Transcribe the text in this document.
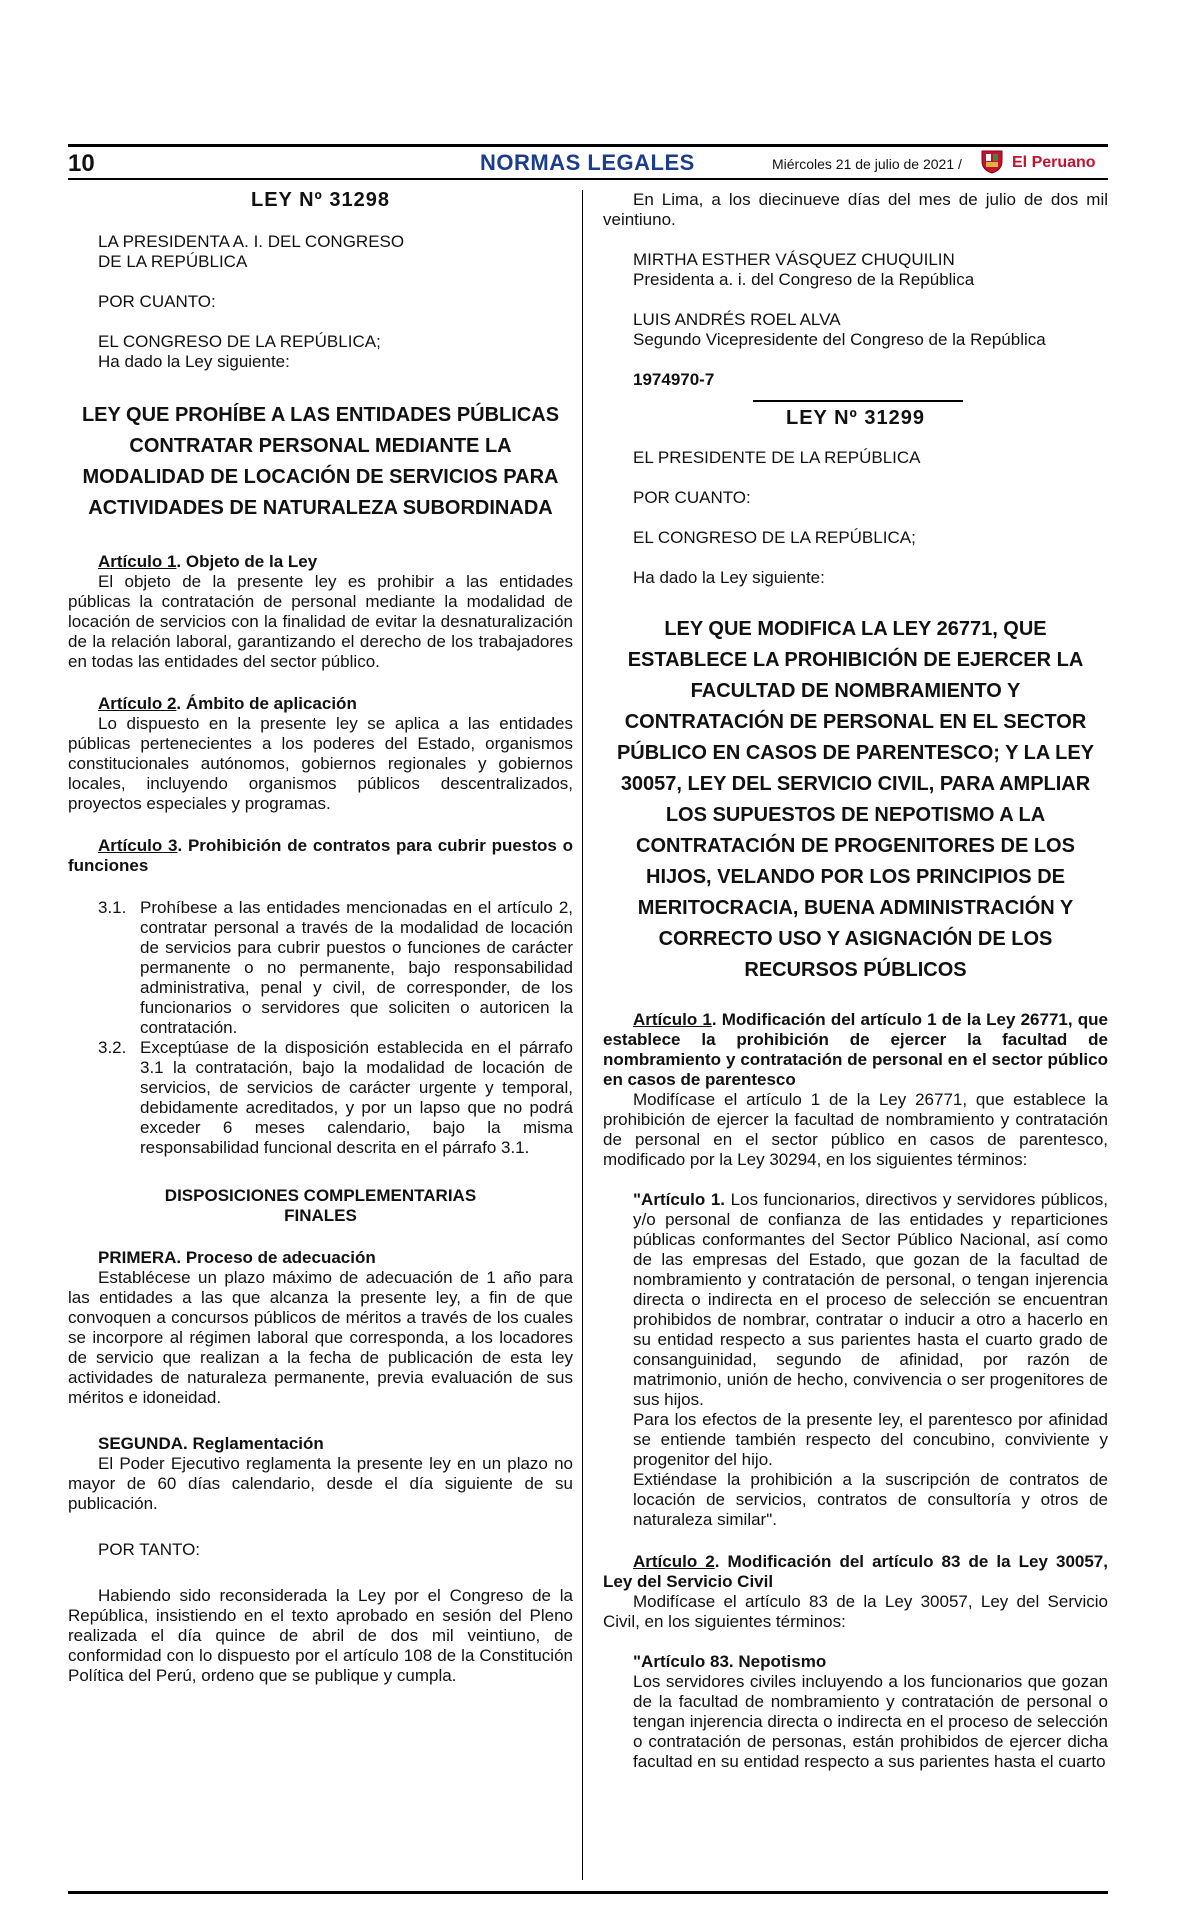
10	NORMAS LEGALES	Miércoles 21 de julio de 2021 /	El Peruano

LEY Nº 31298

LA PRESIDENTA A. I. DEL CONGRESO

DE LA REPÚBLICA

POR CUANTO:

EL CONGRESO DE LA REPÚBLICA;

Ha dado la Ley siguiente:

LEY QUE PROHÍBE A LAS ENTIDADES PÚBLICAS CONTRATAR PERSONAL MEDIANTE LA MODALIDAD DE LOCACIÓN DE SERVICIOS PARA ACTIVIDADES DE NATURALEZA SUBORDINADA

Artículo 1. Objeto de la Ley

El objeto de la presente ley es prohibir a las entidades públicas la contratación de personal mediante la modalidad de locación de servicios con la finalidad de evitar la desnaturalización de la relación laboral, garantizando el derecho de los trabajadores en todas las entidades del sector público.

Artículo 2. Ámbito de aplicación

Lo dispuesto en la presente ley se aplica a las entidades públicas pertenecientes a los poderes del Estado, organismos constitucionales autónomos, gobiernos regionales y gobiernos locales, incluyendo organismos públicos descentralizados, proyectos especiales y programas.

Artículo 3. Prohibición de contratos para cubrir puestos o funciones

3.1. Prohíbese a las entidades mencionadas en el artículo 2, contratar personal a través de la modalidad de locación de servicios para cubrir puestos o funciones de carácter permanente o no permanente, bajo responsabilidad administrativa, penal y civil, de corresponder, de los funcionarios o servidores que soliciten o autoricen la contratación.
3.2. Exceptúase de la disposición establecida en el párrafo 3.1 la contratación, bajo la modalidad de locación de servicios, de servicios de carácter urgente y temporal, debidamente acreditados, y por un lapso que no podrá exceder 6 meses calendario, bajo la misma responsabilidad funcional descrita en el párrafo 3.1.

DISPOSICIONES COMPLEMENTARIAS

FINALES

PRIMERA. Proceso de adecuación

Establécese un plazo máximo de adecuación de 1 año para las entidades a las que alcanza la presente ley, a fin de que convoquen a concursos públicos de méritos a través de los cuales se incorpore al régimen laboral que corresponda, a los locadores de servicio que realizan a la fecha de publicación de esta ley actividades de naturaleza permanente, previa evaluación de sus méritos e idoneidad.

SEGUNDA. Reglamentación

El Poder Ejecutivo reglamenta la presente ley en un plazo no mayor de 60 días calendario, desde el día siguiente de su publicación.

POR TANTO:

Habiendo sido reconsiderada la Ley por el Congreso de la República, insistiendo en el texto aprobado en sesión del Pleno realizada el día quince de abril de dos mil veintiuno, de conformidad con lo dispuesto por el artículo 108 de la Constitución Política del Perú, ordeno que se publique y cumpla.

En Lima, a los diecinueve días del mes de julio de dos mil veintiuno.

MIRTHA ESTHER VÁSQUEZ CHUQUILIN

Presidenta a. i. del Congreso de la República

LUIS ANDRÉS ROEL ALVA

Segundo Vicepresidente del Congreso de la República

1974970-7

LEY Nº 31299

EL PRESIDENTE DE LA REPÚBLICA

POR CUANTO:

EL CONGRESO DE LA REPÚBLICA;

Ha dado la Ley siguiente:

LEY QUE MODIFICA LA LEY 26771, QUE ESTABLECE LA PROHIBICIÓN DE EJERCER LA FACULTAD DE NOMBRAMIENTO Y CONTRATACIÓN DE PERSONAL EN EL SECTOR PÚBLICO EN CASOS DE PARENTESCO; Y LA LEY 30057, LEY DEL SERVICIO CIVIL, PARA AMPLIAR LOS SUPUESTOS DE NEPOTISMO A LA CONTRATACIÓN DE PROGENITORES DE LOS HIJOS, VELANDO POR LOS PRINCIPIOS DE MERITOCRACIA, BUENA ADMINISTRACIÓN Y CORRECTO USO Y ASIGNACIÓN DE LOS RECURSOS PÚBLICOS

Artículo 1. Modificación del artículo 1 de la Ley 26771, que establece la prohibición de ejercer la facultad de nombramiento y contratación de personal en el sector público en casos de parentesco

Modifícase el artículo 1 de la Ley 26771, que establece la prohibición de ejercer la facultad de nombramiento y contratación de personal en el sector público en casos de parentesco, modificado por la Ley 30294, en los siguientes términos:

"Artículo 1. Los funcionarios, directivos y servidores públicos, y/o personal de confianza de las entidades y reparticiones públicas conformantes del Sector Público Nacional, así como de las empresas del Estado, que gozan de la facultad de nombramiento y contratación de personal, o tengan injerencia directa o indirecta en el proceso de selección se encuentran prohibidos de nombrar, contratar o inducir a otro a hacerlo en su entidad respecto a sus parientes hasta el cuarto grado de consanguinidad, segundo de afinidad, por razón de matrimonio, unión de hecho, convivencia o ser progenitores de sus hijos.

Para los efectos de la presente ley, el parentesco por afinidad se entiende también respecto del concubino, conviviente y progenitor del hijo.

Extiéndase la prohibición a la suscripción de contratos de locación de servicios, contratos de consultoría y otros de naturaleza similar".

Artículo 2. Modificación del artículo 83 de la Ley 30057, Ley del Servicio Civil

Modifícase el artículo 83 de la Ley 30057, Ley del Servicio Civil, en los siguientes términos:

"Artículo 83. Nepotismo

Los servidores civiles incluyendo a los funcionarios que gozan de la facultad de nombramiento y contratación de personal o tengan injerencia directa o indirecta en el proceso de selección o contratación de personas, están prohibidos de ejercer dicha facultad en su entidad respecto a sus parientes hasta el cuarto
